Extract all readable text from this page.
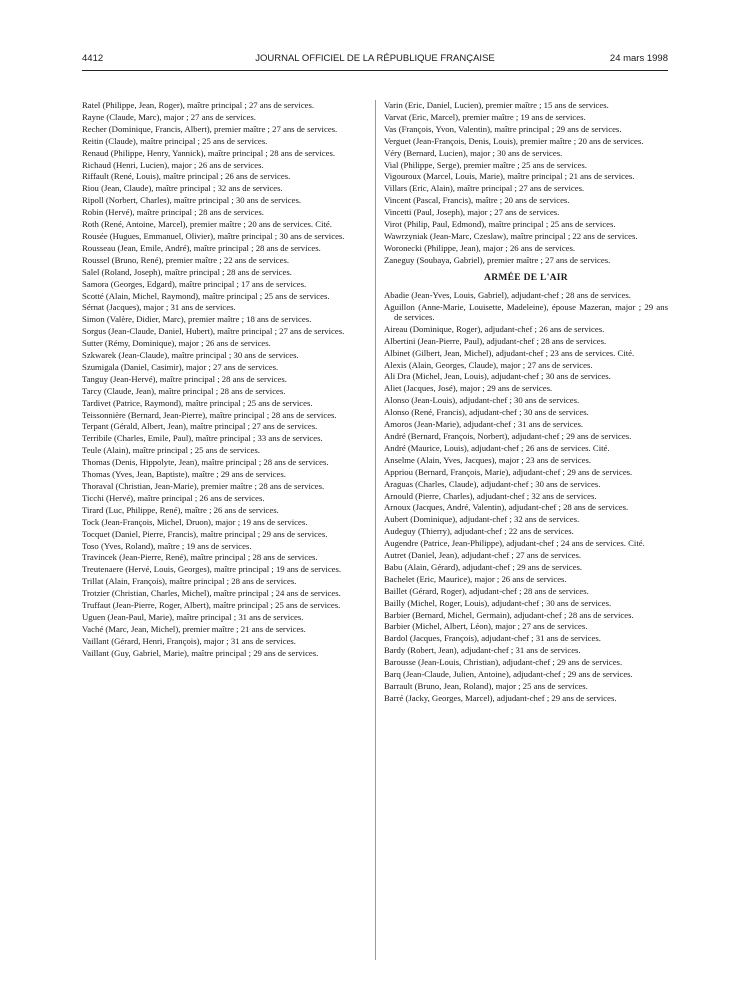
4412	JOURNAL OFFICIEL DE LA RÉPUBLIQUE FRANÇAISE	24 mars 1998
Ratel (Philippe, Jean, Roger), maître principal ; 27 ans de services.
Rayne (Claude, Marc), major ; 27 ans de services.
Recher (Dominique, Francis, Albert), premier maître ; 27 ans de services.
Reitin (Claude), maître principal ; 25 ans de services.
Renaud (Philippe, Henry, Yannick), maître principal ; 28 ans de services.
Richaud (Henri, Lucien), major ; 26 ans de services.
Riffault (René, Louis), maître principal ; 26 ans de services.
Riou (Jean, Claude), maître principal ; 32 ans de services.
Ripoll (Norbert, Charles), maître principal ; 30 ans de services.
Robin (Hervé), maître principal ; 28 ans de services.
Roth (René, Antoine, Marcel), premier maître ; 20 ans de services. Cité.
Rousée (Hugues, Emmanuel, Olivier), maître principal ; 30 ans de services.
Rousseau (Jean, Emile, André), maître principal ; 28 ans de services.
Roussel (Bruno, René), premier maître ; 22 ans de services.
Salel (Roland, Joseph), maître principal ; 28 ans de services.
Samora (Georges, Edgard), maître principal ; 17 ans de services.
Scotté (Alain, Michel, Raymond), maître principal ; 25 ans de services.
Sérnat (Jacques), major ; 31 ans de services.
Simon (Valère, Didier, Marc), premier maître ; 18 ans de services.
Sorgus (Jean-Claude, Daniel, Hubert), maître principal ; 27 ans de services.
Sutter (Rémy, Dominique), major ; 26 ans de services.
Szkwarek (Jean-Claude), maître principal ; 30 ans de services.
Szumigala (Daniel, Casimir), major ; 27 ans de services.
Tanguy (Jean-Hervé), maître principal ; 28 ans de services.
Tarcy (Claude, Jean), maître principal ; 28 ans de services.
Tardivet (Patrice, Raymond), maître principal ; 25 ans de services.
Teissonnière (Bernard, Jean-Pierre), maître principal ; 28 ans de services.
Terpant (Gérald, Albert, Jean), maître principal ; 27 ans de services.
Terribile (Charles, Emile, Paul), maître principal ; 33 ans de services.
Teule (Alain), maître principal ; 25 ans de services.
Thomas (Denis, Hippolyte, Jean), maître principal ; 28 ans de services.
Thomas (Yves, Jean, Baptiste), maître ; 29 ans de services.
Thoraval (Christian, Jean-Marie), premier maître ; 28 ans de services.
Ticchi (Hervé), maître principal ; 26 ans de services.
Tirard (Luc, Philippe, René), maître ; 26 ans de services.
Tock (Jean-François, Michel, Druon), major ; 19 ans de services.
Tocquet (Daniel, Pierre, Francis), maître principal ; 29 ans de services.
Toso (Yves, Roland), maître ; 19 ans de services.
Travincek (Jean-Pierre, René), maître principal ; 28 ans de services.
Treutenaere (Hervé, Louis, Georges), maître principal ; 19 ans de services.
Trillat (Alain, François), maître principal ; 28 ans de services.
Trotzier (Christian, Charles, Michel), maître principal ; 24 ans de services.
Truffaut (Jean-Pierre, Roger, Albert), maître principal ; 25 ans de services.
Uguen (Jean-Paul, Marie), maître principal ; 31 ans de services.
Vaché (Marc, Jean, Michel), premier maître ; 21 ans de services.
Vaillant (Gérard, Henri, François), major ; 31 ans de services.
Vaillant (Guy, Gabriel, Marie), maître principal ; 29 ans de services.
Varin (Eric, Daniel, Lucien), premier maître ; 15 ans de services.
Varvat (Eric, Marcel), premier maître ; 19 ans de services.
Vas (François, Yvon, Valentin), maître principal ; 29 ans de services.
Verguet (Jean-François, Denis, Louis), premier maître ; 20 ans de services.
Véry (Bernard, Lucien), major ; 30 ans de services.
Vial (Philippe, Serge), premier maître ; 25 ans de services.
Vigouroux (Marcel, Louis, Marie), maître principal ; 21 ans de services.
Villars (Eric, Alain), maître principal ; 27 ans de services.
Vincent (Pascal, Francis), maître ; 20 ans de services.
Vincetti (Paul, Joseph), major ; 27 ans de services.
Virot (Philip, Paul, Edmond), maître principal ; 25 ans de services.
Wawrzyniak (Jean-Marc, Czeslaw), maître principal ; 22 ans de services.
Woronecki (Philippe, Jean), major ; 26 ans de services.
Zaneguy (Soubaya, Gabriel), premier maître ; 27 ans de services.
ARMÉE DE L'AIR
Abadie (Jean-Yves, Louis, Gabriel), adjudant-chef ; 28 ans de services.
Aguillon (Anne-Marie, Louisette, Madeleine), épouse Mazeran, major ; 29 ans de services.
Aireau (Dominique, Roger), adjudant-chef ; 26 ans de services.
Albertini (Jean-Pierre, Paul), adjudant-chef ; 28 ans de services.
Albinet (Gilbert, Jean, Michel), adjudant-chef ; 23 ans de services. Cité.
Alexis (Alain, Georges, Claude), major ; 27 ans de services.
Ali Dra (Michel, Jean, Louis), adjudant-chef ; 30 ans de services.
Aliet (Jacques, José), major ; 29 ans de services.
Alonso (Jean-Louis), adjudant-chef ; 30 ans de services.
Alonso (René, Francis), adjudant-chef ; 30 ans de services.
Amoros (Jean-Marie), adjudant-chef ; 31 ans de services.
André (Bernard, François, Norbert), adjudant-chef ; 29 ans de services.
André (Maurice, Louis), adjudant-chef ; 26 ans de services. Cité.
Anselme (Alain, Yves, Jacques), major ; 23 ans de services.
Appriou (Bernard, François, Marie), adjudant-chef ; 29 ans de services.
Araguas (Charles, Claude), adjudant-chef ; 30 ans de services.
Arnould (Pierre, Charles), adjudant-chef ; 32 ans de services.
Arnoux (Jacques, André, Valentin), adjudant-chef ; 28 ans de services.
Aubert (Dominique), adjudant-chef ; 32 ans de services.
Audeguy (Thierry), adjudant-chef ; 22 ans de services.
Augendre (Patrice, Jean-Philippe), adjudant-chef ; 24 ans de services. Cité.
Autret (Daniel, Jean), adjudant-chef ; 27 ans de services.
Babu (Alain, Gérard), adjudant-chef ; 29 ans de services.
Bachelet (Eric, Maurice), major ; 26 ans de services.
Baillet (Gérard, Roger), adjudant-chef ; 28 ans de services.
Bailly (Michel, Roger, Louis), adjudant-chef ; 30 ans de services.
Barbier (Bernard, Michel, Germain), adjudant-chef ; 28 ans de services.
Barbier (Michel, Albert, Léon), major ; 27 ans de services.
Bardol (Jacques, François), adjudant-chef ; 31 ans de services.
Bardy (Robert, Jean), adjudant-chef ; 31 ans de services.
Barousse (Jean-Louis, Christian), adjudant-chef ; 29 ans de services.
Barq (Jean-Claude, Julien, Antoine), adjudant-chef ; 29 ans de services.
Barrault (Bruno, Jean, Roland), major ; 25 ans de services.
Barré (Jacky, Georges, Marcel), adjudant-chef ; 29 ans de services.
